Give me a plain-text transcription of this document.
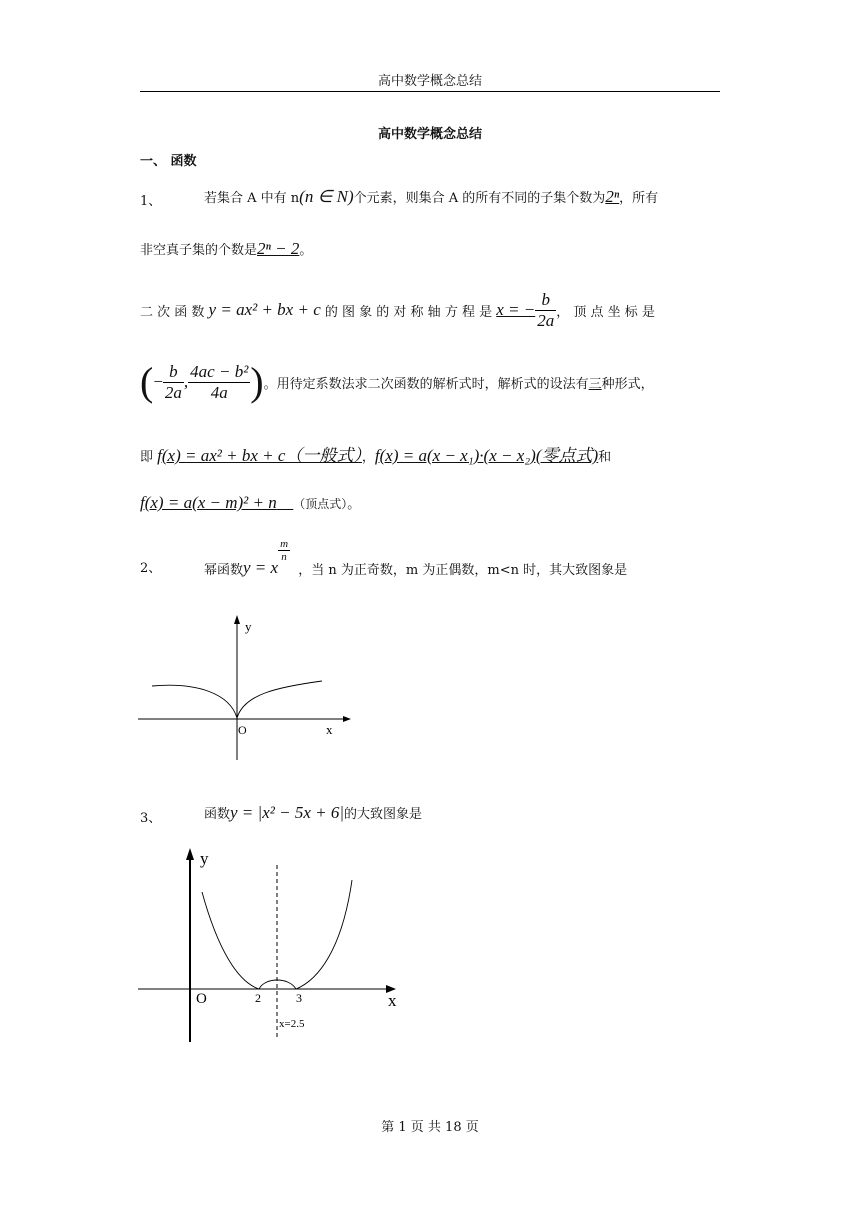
高中数学概念总结
高中数学概念总结
一、 函数
1、	若集合 A 中有 n(n ∈ N)个元素，则集合 A 的所有不同的子集个数为2ⁿ，所有
非空真子集的个数是2ⁿ − 2。
二 次 函 数
y = ax² + bx + c
的 图 象 的 对 称 轴 方 程 是
x = − $\frac{b}{2a}$ ， 顶 点 坐 标 是
( − $\frac{b}{2a}$ , $\frac{\text{4ac − b²}}{4a}$ ) 。用待定系数法求二次函数的解析式时，解析式的设法有 三 种形式，
即 f(x) = ax² + bx + c（一般式），f(x) = a(x − x₁)·(x − x₂)(零点式)和
f(x) = a(x − m)² + n （顶点式）。
2、	幂函数 y = x
$\frac{m}{n}$

，当 n 为正奇数，m 为正偶数，m<n 时，其大致图象是
y
x
O
3、	函数y = |x² − 5x + 6|的大致图象是
y
x
O	2	3
x=2.5
第 1 页 共 18 页
